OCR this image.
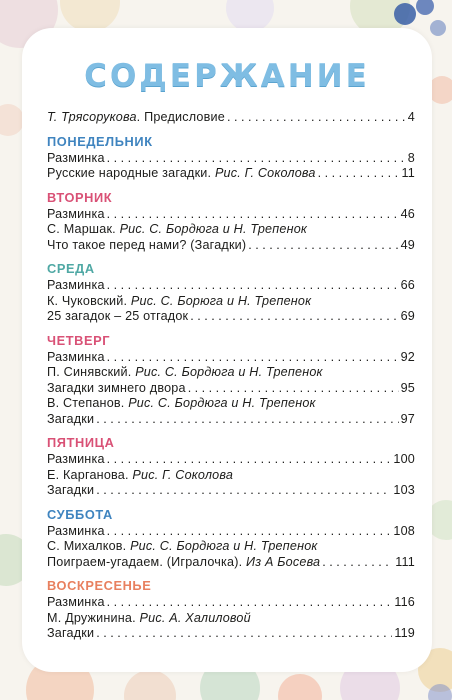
СОДЕРЖАНИЕ
Т. Трясорукова. Предисловие . . .	4
ПОНЕДЕЛЬНИК
Разминка . . .	8
Русские народные загадки. Рис. Г. Соколова . . .	11
ВТОРНИК
Разминка . . .	46
С. Маршак. Рис. С. Бордюга и Н. Трепенок
Что такое перед нами? (Загадки) . . .	49
СРЕДА
Разминка . . .	66
К. Чуковский. Рис. С. Борюга и Н. Трепенок
25 загадок – 25 отгадок . . .	69
ЧЕТВЕРГ
Разминка . . .	92
П. Синявский. Рис. С. Бордюга и Н. Трепенок
Загадки зимнего двора . . .	95
В. Степанов. Рис. С. Бордюга и Н. Трепенок
Загадки . . .	97
ПЯТНИЦА
Разминка . . .	100
Е. Карганова. Рис. Г. Соколова
Загадки . . .	103
СУББОТА
Разминка . . .	108
С. Михалков. Рис. С. Бордюга и Н. Трепенок
Поиграем-угадаем. (Игралочка). Из А Босева . . .	111
ВОСКРЕСЕНЬЕ
Разминка . . .	116
М. Дружинина. Рис. А. Халиловой
Загадки . . .	119
